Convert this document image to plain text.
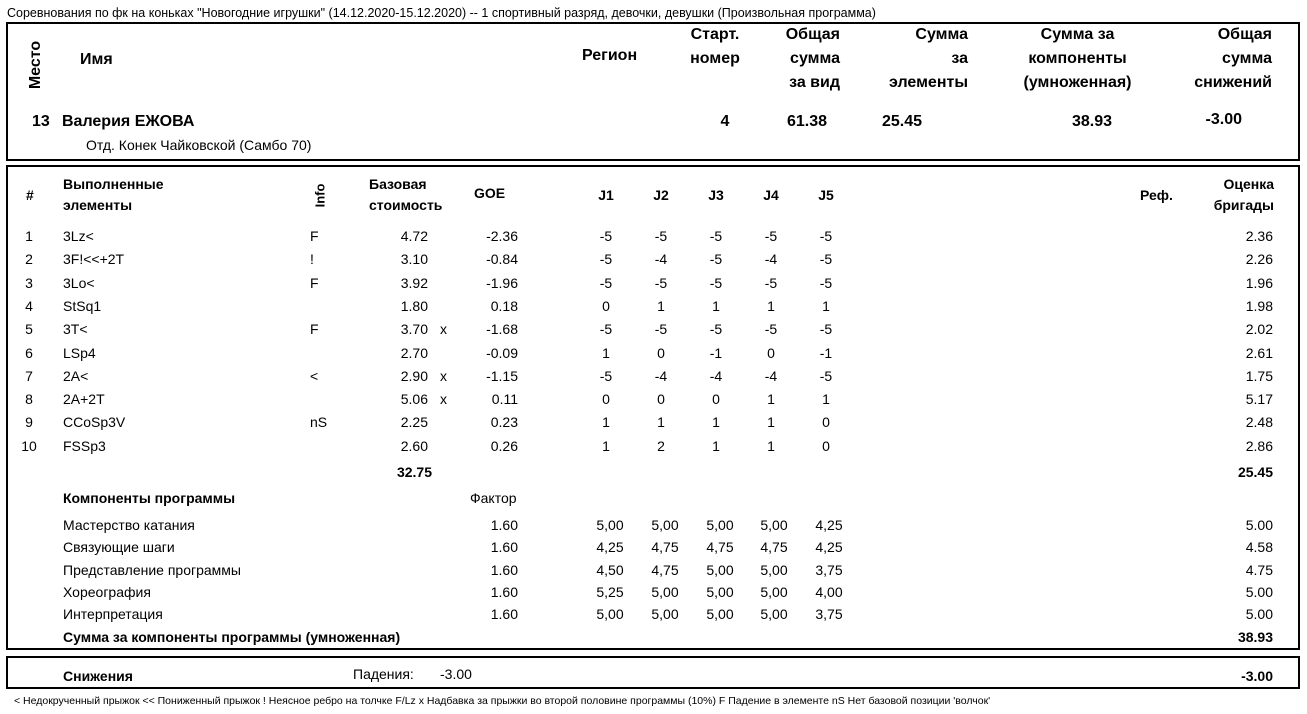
Соревнования по фк на коньках "Новогодние игрушки" (14.12.2020-15.12.2020) -- 1 спортивный разряд, девочки, девушки (Произвольная программа)
Место Имя	Регион
Старт.
номер
Общая
сумма
за вид
Сумма
за
элементы
Сумма за
компоненты
(умноженная)
Общая
сумма
снижений
13 Валерия ЕЖОВА
Отд. Конек Чайковской (Самбо 70)
4	61.38	25.45	38.93	-3.00
#
Выполненные
элементы	Info	Базовая
стоимость
GOE	J1	J2	J3	J4	J5	Реф.
Оценка
бригады
1	3Lz<	F	4.72	-2.36	-5	-5	-5	-5	-5	2.36
2	3F!<<+2T	!	3.10	-0.84	-5	-4	-5	-4	-5	2.26
3	3Lo<	F	3.92	-1.96	-5	-5	-5	-5	-5	1.96
4	StSq1	1.80	0.18	0	1	1	1	1	1.98
5	3T<	F	3.70 x	-1.68	-5	-5	-5	-5	-5	2.02
6	LSp4	2.70	-0.09	1	0	-1	0	-1	2.61
7	2A<	<	2.90 x	-1.15	-5	-4	-4	-4	-5	1.75
8	2A+2T	5.06 x	0.11	0	0	0	1	1	5.17
9	CCoSp3V	nS	2.25	0.23	1	1	1	1	0	2.48
10 FSSp3	2.60	0.26	1	2	1	1	0	2.86
32.75	25.45
Компоненты программы	Фактор
Мастерство катания	1.60	5,00	5,00	5,00	5,00	4,25	5.00
Связующие шаги	1.60	4,25	4,75	4,75	4,75	4,25	4.58
Представление программы	1.60	4,50	4,75	5,00	5,00	3,75	4.75
Хореография	1.60	5,25	5,00	5,00	5,00	4,00	5.00
Интерпретация	1.60	5,00	5,00	5,00	5,00	3,75	5.00
Сумма за компоненты программы (умноженная)	38.93
Снижения	Падения: -3.00	-3.00
< Недокрученный прыжок << Пониженный прыжок ! Неясное ребро на толчке F/Lz x Надбавка за прыжки во второй половине программы (10%) F Падение в элементе nS Нет базовой позиции 'волчок'
